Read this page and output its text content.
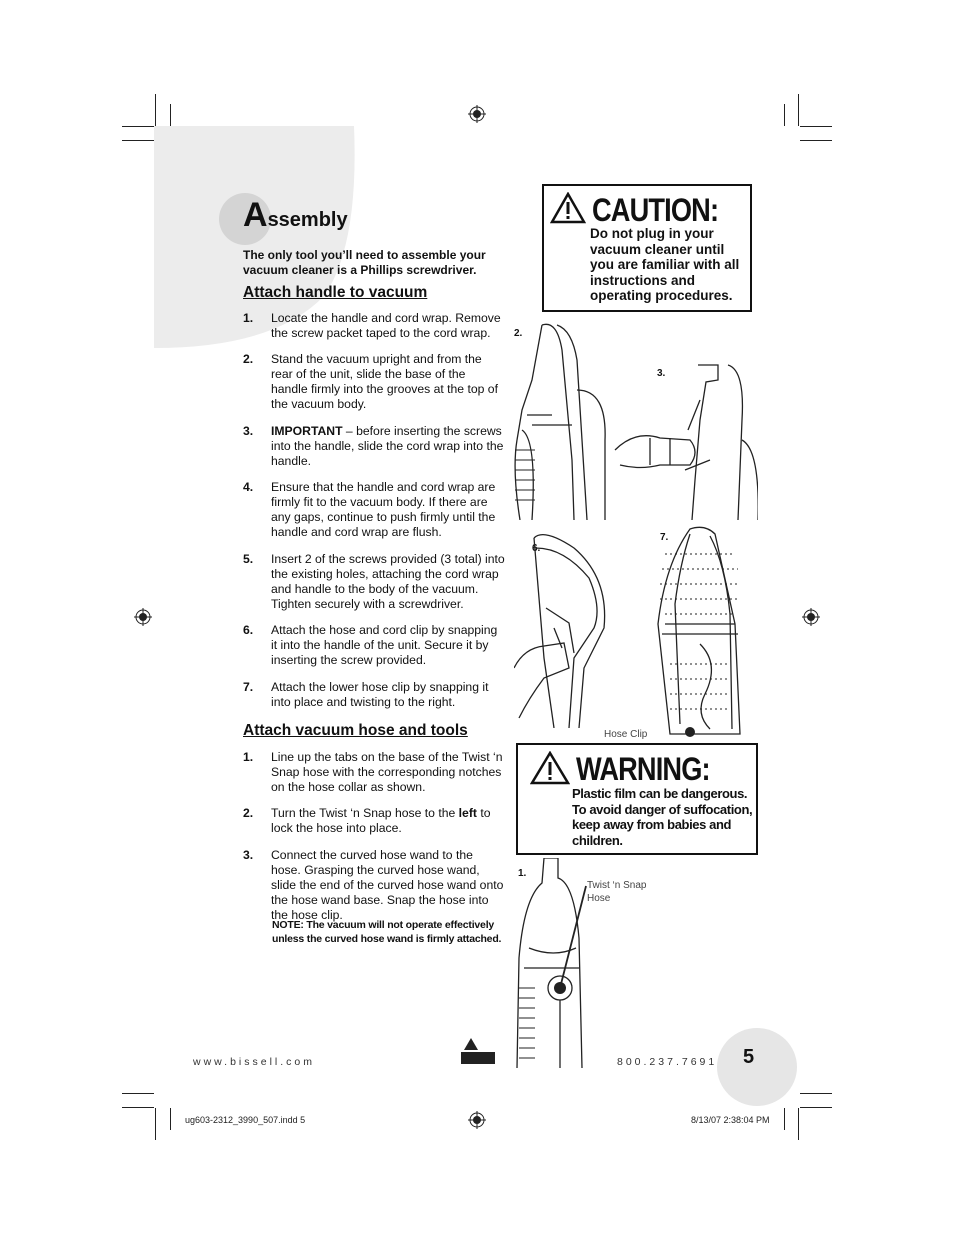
Assembly
The only tool you’ll need to assemble your vacuum cleaner is a Phillips screwdriver.
Attach handle to vacuum
1. Locate the handle and cord wrap. Remove the screw packet taped to the cord wrap.
2. Stand the vacuum upright and from the rear of the unit, slide the base of the handle firmly into the grooves at the top of the vacuum body.
3. IMPORTANT – before inserting the screws into the handle, slide the cord wrap into the handle.
4. Ensure that the handle and cord wrap are firmly fit to the vacuum body. If there are any gaps, continue to push firmly until the handle and cord wrap are flush.
5. Insert 2 of the screws provided (3 total) into the existing holes, attaching the cord wrap and handle to the body of the vacuum. Tighten securely with a screwdriver.
6. Attach the hose and cord clip by snapping it into the handle of the unit. Secure it by inserting the screw provided.
7. Attach the lower hose clip by snapping it into place and twisting to the right.
Attach vacuum hose and tools
1. Line up the tabs on the base of the Twist ‘n Snap hose with the corresponding notches on the hose collar as shown.
2. Turn the Twist ‘n Snap hose to the left to lock the hose into place.
3. Connect the curved hose wand to the hose. Grasping the curved hose wand, slide the end of the curved hose wand onto the hose wand base. Snap the hose into the hose clip.
NOTE: The vacuum will not operate effectively unless the curved hose wand is firmly attached.
CAUTION:
Do not plug in your vacuum cleaner until you are familiar with all instructions and operating procedures.
WARNING:
Plastic film can be dangerous. To avoid danger of suffocation, keep away from babies and children.
2.
3.
6.
7.
1.
Hose Clip
Twist ‘n Snap Hose
www.bissell.com	800.237.7691 5
ug603-2312_3990_507.indd 5	8/13/07 2:38:04 PM
